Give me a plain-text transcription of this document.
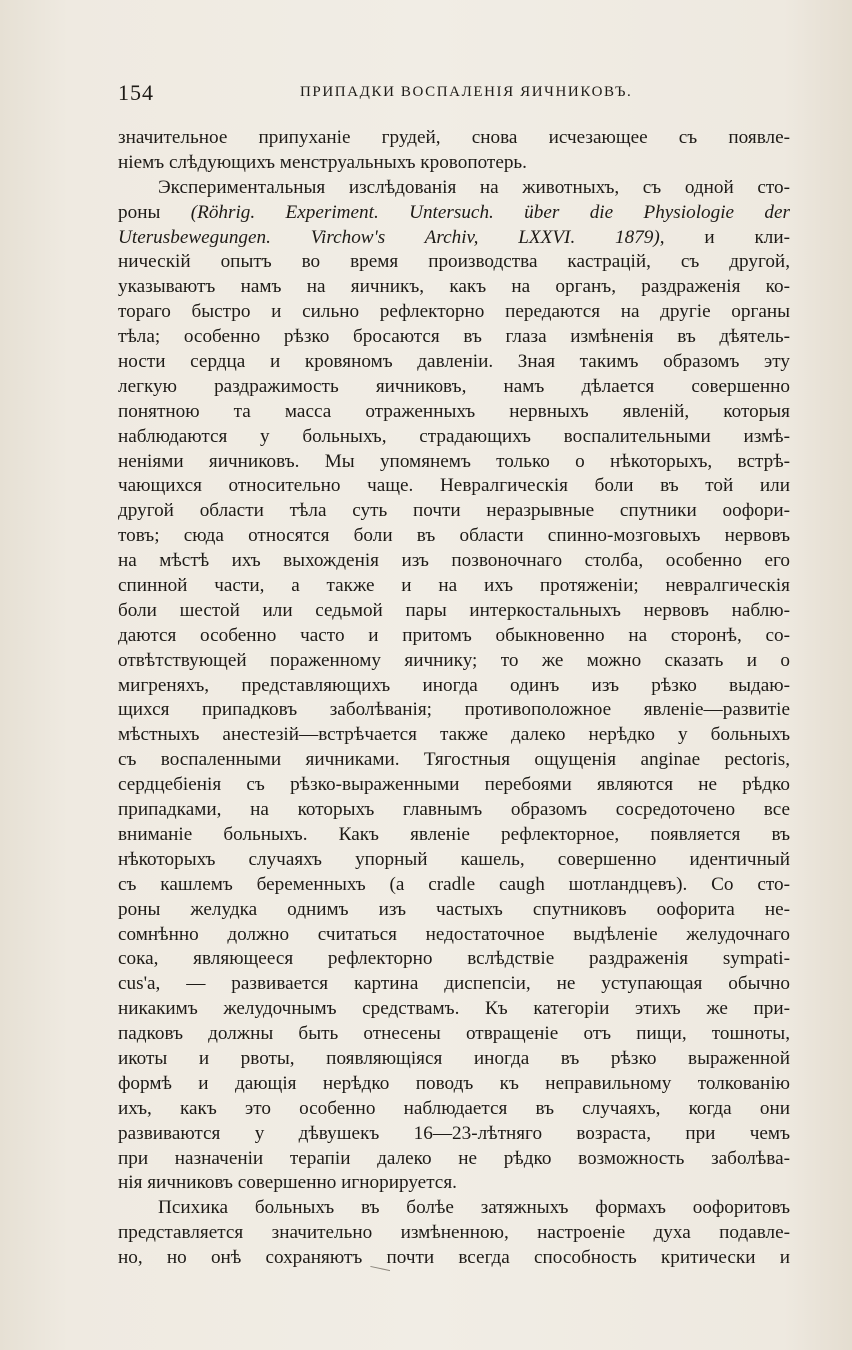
154	ПРИПАДКИ ВОСПАЛЕНІЯ ЯИЧНИКОВЪ.
значительное припуханіе грудей, снова исчезающее съ появле-
ніемъ слѣдующихъ менструальныхъ кровопотерь.
Экспериментальныя изслѣдованія на животныхъ, съ одной сто-
роны (Röhrig. Experiment. Untersuch. über die Physiologie der
Uterusbewegungen. Virchow's Archiv, LXXVI. 1879), и кли-
ническій опытъ во время производства кастрацій, съ другой,
указываютъ намъ на яичникъ, какъ на органъ, раздраженія ко-
тораго быстро и сильно рефлекторно передаются на другіе органы
тѣла; особенно рѣзко бросаются въ глаза измѣненія въ дѣятель-
ности сердца и кровяномъ давленіи. Зная такимъ образомъ эту
легкую раздражимость яичниковъ, намъ дѣлается совершенно
понятною та масса отраженныхъ нервныхъ явленій, которыя
наблюдаются у больныхъ, страдающихъ воспалительными измѣ-
неніями яичниковъ. Мы упомянемъ только о нѣкоторыхъ, встрѣ-
чающихся относительно чаще. Невралгическія боли въ той или
другой области тѣла суть почти неразрывные спутники оофори-
товъ; сюда относятся боли въ области спинно-мозговыхъ нервовъ
на мѣстѣ ихъ выхожденія изъ позвоночнаго столба, особенно его
спинной части, а также и на ихъ протяженіи; невралгическія
боли шестой или седьмой пары интеркостальныхъ нервовъ наблю-
даются особенно часто и притомъ обыкновенно на сторонѣ, со-
отвѣтствующей пораженному яичнику; то же можно сказать и о
мигреняхъ, представляющихъ иногда одинъ изъ рѣзко выдаю-
щихся припадковъ заболѣванія; противоположное явленіе—развитіе
мѣстныхъ анестезій—встрѣчается также далеко нерѣдко у больныхъ
съ воспаленными яичниками. Тягостныя ощущенія anginae pectoris,
сердцебіенія съ рѣзко-выраженными перебоями являются не рѣдко
припадками, на которыхъ главнымъ образомъ сосредоточено все
вниманіе больныхъ. Какъ явленіе рефлекторное, появляется въ
нѣкоторыхъ случаяхъ упорный кашель, совершенно идентичный
съ кашлемъ беременныхъ (a cradle caugh шотландцевъ). Со сто-
роны желудка однимъ изъ частыхъ спутниковъ оофорита не-
сомнѣнно должно считаться недостаточное выдѣленіе желудочнаго
сока, являющееся рефлекторно вслѣдствіе раздраженія sympati-
cus'а, — развивается картина диспепсіи, не уступающая обычно
никакимъ желудочнымъ средствамъ. Къ категоріи этихъ же при-
падковъ должны быть отнесены отвращеніе отъ пищи, тошноты,
икоты и рвоты, появляющіяся иногда въ рѣзко выраженной
формѣ и дающія нерѣдко поводъ къ неправильному толкованію
ихъ, какъ это особенно наблюдается въ случаяхъ, когда они
развиваются у дѣвушекъ 16—23-лѣтняго возраста, при чемъ
при назначеніи терапіи далеко не рѣдко возможность заболѣва-
нія яичниковъ совершенно игнорируется.
Психика больныхъ въ болѣе затяжныхъ формахъ оофоритовъ
представляется значительно измѣненною, настроеніе духа подавле-
но, но онѣ сохраняютъ почти всегда способность критически и
